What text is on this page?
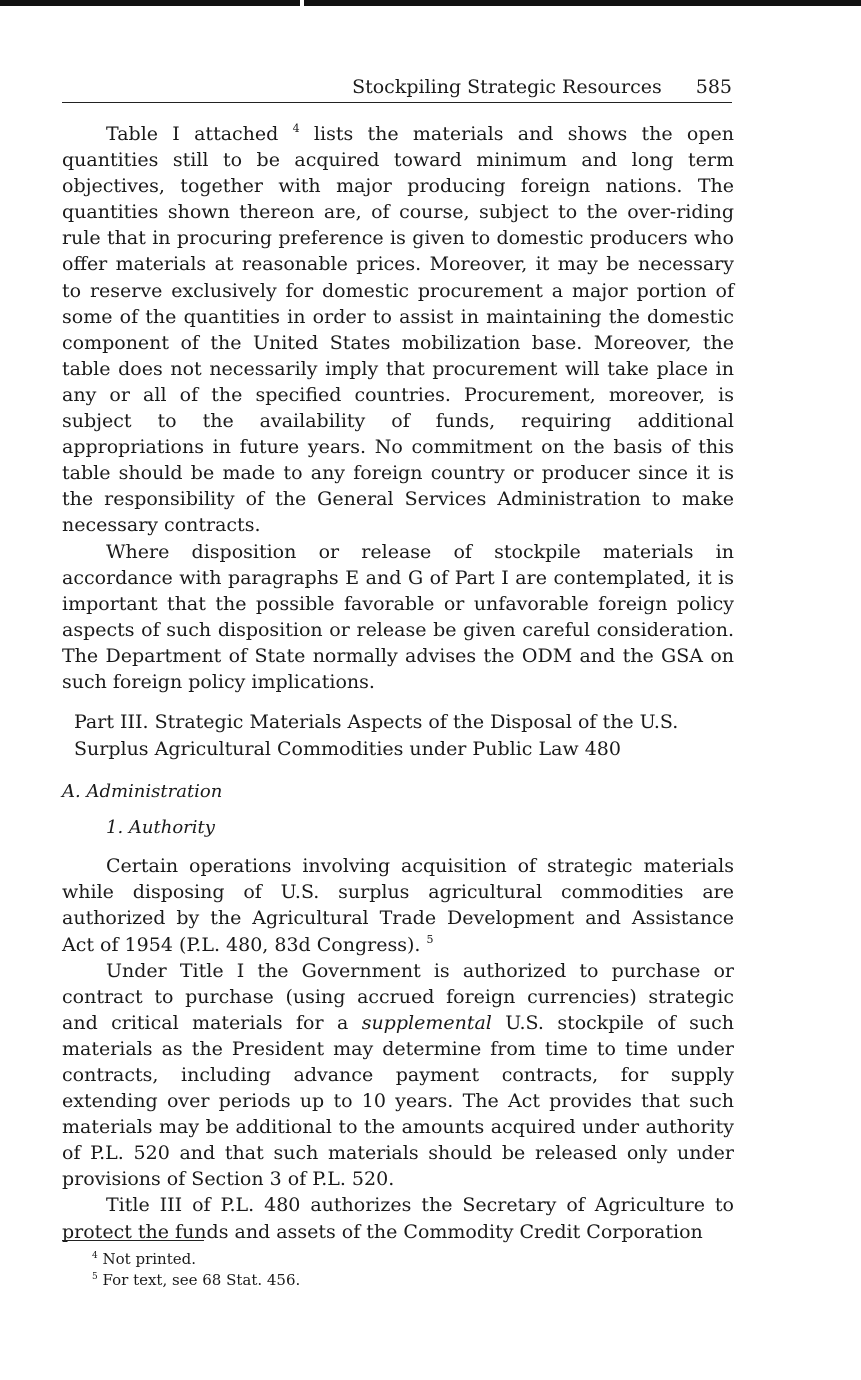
Stockpiling Strategic Resources 585

Table I attached $^4$ lists the materials and shows the open quantities still to be acquired toward minimum and long term objectives, together with major producing foreign nations. The quantities shown thereon are, of course, subject to the over-riding rule that in procuring preference is given to domestic producers who offer materials at reasonable prices. Moreover, it may be necessary to reserve exclusively for domestic procurement a major portion of some of the quantities in order to assist in maintaining the domestic component of the United States mobilization base. Moreover, the table does not necessarily imply that procurement will take place in any or all of the specified countries. Procurement, moreover, is subject to the availability of funds, requiring additional appropriations in future years. No commitment on the basis of this table should be made to any foreign country or producer since it is the responsibility of the General Services Administration to make necessary contracts.

Where disposition or release of stockpile materials in accordance with paragraphs E and G of Part I are contemplated, it is important that the possible favorable or unfavorable foreign policy aspects of such disposition or release be given careful consideration. The Department of State normally advises the ODM and the GSA on such foreign policy implications.

Part III. Strategic Materials Aspects of the Disposal of the U.S.
Surplus Agricultural Commodities under Public Law 480
A. Administration
1. Authority

Certain operations involving acquisition of strategic materials while disposing of U.S. surplus agricultural commodities are authorized by the Agricultural Trade Development and Assistance Act of 1954 (P.L. 480, 83d Congress). $^5$

Under Title I the Government is authorized to purchase or contract to purchase (using accrued foreign currencies) strategic and critical materials for a supplemental U.S. stockpile of such materials as the President may determine from time to time under contracts, including advance payment contracts, for supply extending over periods up to 10 years. The Act provides that such materials may be additional to the amounts acquired under authority of P.L. 520 and that such materials should be released only under provisions of Section 3 of P.L. 520.

Title III of P.L. 480 authorizes the Secretary of Agriculture to protect the funds and assets of the Commodity Credit Corporation

$^4$ Not printed.
$^5$ For text, see 68 Stat. 456.
